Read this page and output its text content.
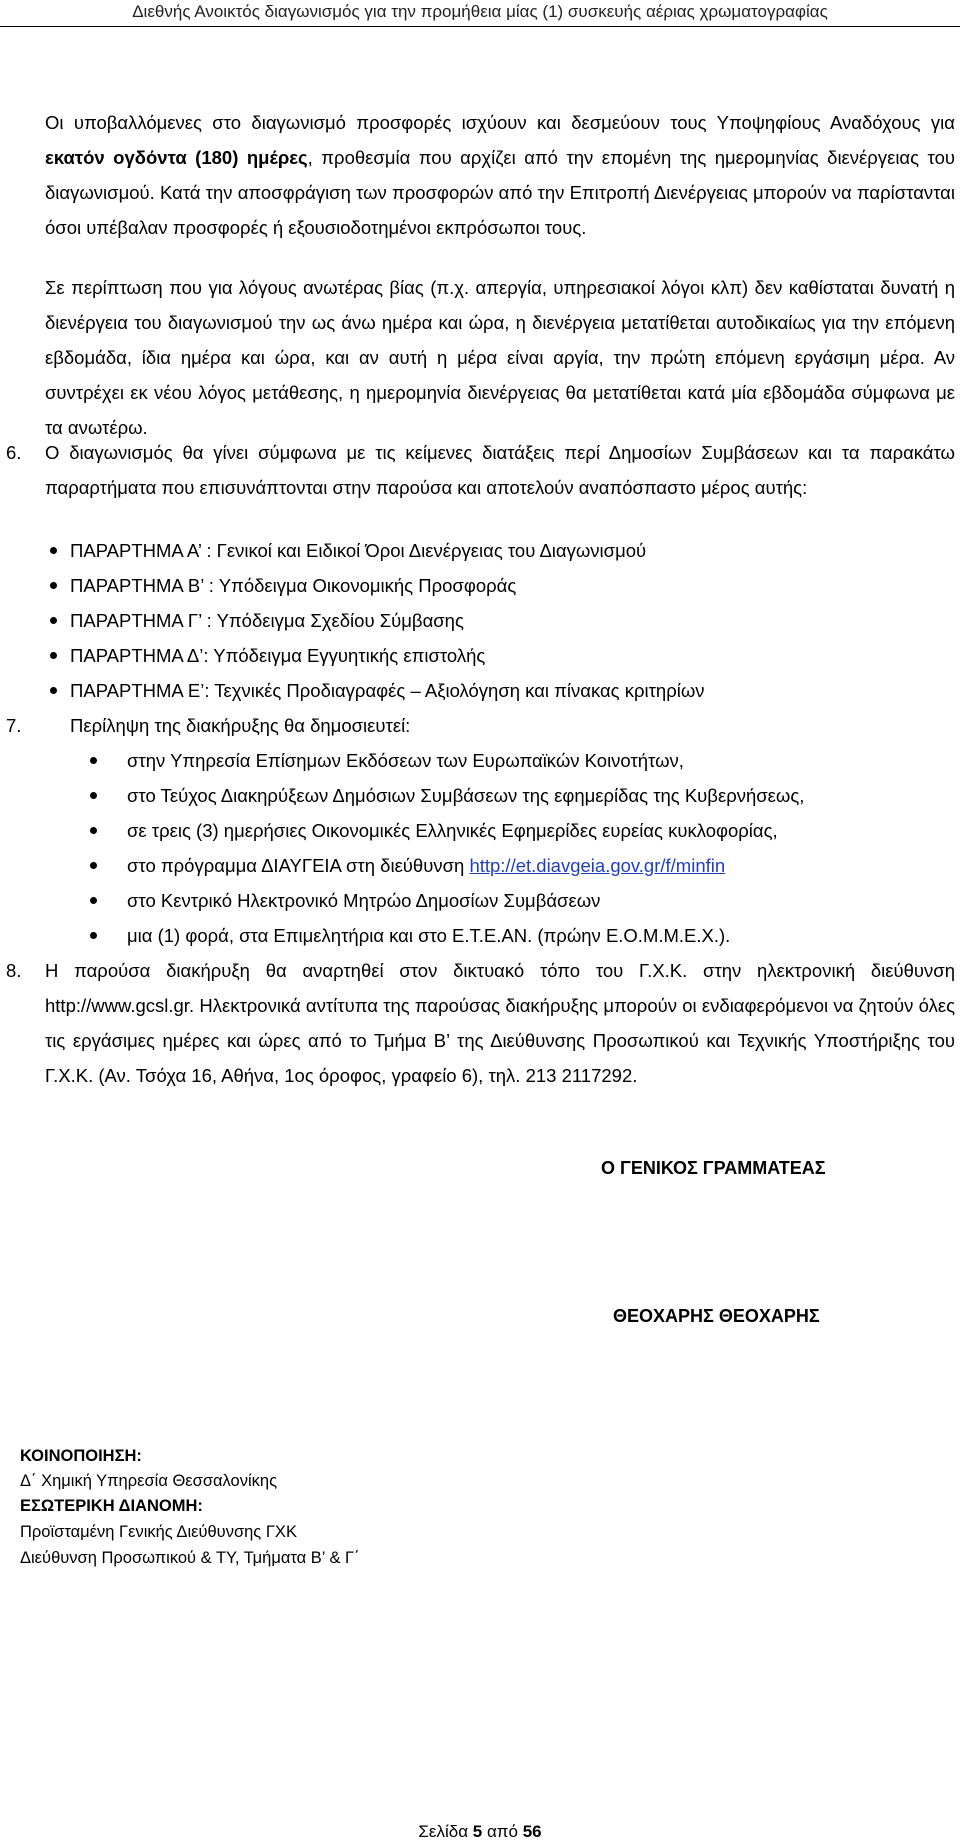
Διεθνής Ανοικτός διαγωνισμός για την προμήθεια μίας (1) συσκευής αέριας χρωματογραφίας

Οι υποβαλλόμενες στο διαγωνισμό προσφορές ισχύουν και δεσμεύουν τους Υποψηφίους Αναδόχους για εκατόν ογδόντα (180) ημέρες, προθεσμία που αρχίζει από την επομένη της ημερομηνίας διενέργειας του διαγωνισμού. Κατά την αποσφράγιση των προσφορών από την Επιτροπή Διενέργειας μπορούν να παρίστανται όσοι υπέβαλαν προσφορές ή εξουσιοδοτημένοι εκπρόσωποι τους.

Σε περίπτωση που για λόγους ανωτέρας βίας (π.χ. απεργία, υπηρεσιακοί λόγοι κλπ) δεν καθίσταται δυνατή η διενέργεια του διαγωνισμού την ως άνω ημέρα και ώρα, η διενέργεια μετατίθεται αυτοδικαίως για την επόμενη εβδομάδα, ίδια ημέρα και ώρα, και αν αυτή η μέρα είναι αργία, την πρώτη επόμενη εργάσιμη μέρα. Αν συντρέχει εκ νέου λόγος μετάθεσης, η ημερομηνία διενέργειας θα μετατίθεται κατά μία εβδομάδα σύμφωνα με τα ανωτέρω.

6. Ο διαγωνισμός θα γίνει σύμφωνα με τις κείμενες διατάξεις περί Δημοσίων Συμβάσεων και τα παρακάτω παραρτήματα που επισυνάπτονται στην παρούσα και αποτελούν αναπόσπαστο μέρος αυτής:

ΠΑΡΑΡΤΗΜΑ Α’ : Γενικοί και Ειδικοί Όροι Διενέργειας του Διαγωνισμού
ΠΑΡΑΡΤΗΜΑ Β’ : Υπόδειγμα Οικονομικής Προσφοράς
ΠΑΡΑΡΤΗΜΑ Γ’ : Υπόδειγμα Σχεδίου Σύμβασης
ΠΑΡΑΡΤΗΜΑ Δ’: Υπόδειγμα Εγγυητικής επιστολής
ΠΑΡΑΡΤΗΜΑ Ε’: Τεχνικές Προδιαγραφές – Αξιολόγηση και πίνακας κριτηρίων
7.	Περίληψη της διακήρυξης θα δημοσιευτεί:
στην Υπηρεσία Επίσημων Εκδόσεων των Ευρωπαϊκών Κοινοτήτων,
στο Τεύχος Διακηρύξεων Δημόσιων Συμβάσεων της εφημερίδας της Κυβερνήσεως,
σε τρεις (3) ημερήσιες Οικονομικές Ελληνικές Εφημερίδες ευρείας κυκλοφορίας,
στο πρόγραμμα ΔΙΑΥΓΕΙΑ στη διεύθυνση http://et.diavgeia.gov.gr/f/minfin
στο Κεντρικό Ηλεκτρονικό Μητρώο Δημοσίων Συμβάσεων
μια (1) φορά, στα Επιμελητήρια και στο Ε.Τ.Ε.ΑΝ. (πρώην Ε.Ο.Μ.Μ.Ε.Χ.).
8. Η παρούσα διακήρυξη θα αναρτηθεί στον δικτυακό τόπο του Γ.Χ.Κ. στην ηλεκτρονική διεύθυνση http://www.gcsl.gr. Ηλεκτρονικά αντίτυπα της παρούσας διακήρυξης μπορούν οι ενδιαφερόμενοι να ζητούν όλες τις εργάσιμες ημέρες και ώρες από το Τμήμα Β’ της Διεύθυνσης Προσωπικού και Τεχνικής Υποστήριξης του Γ.Χ.Κ. (Αν. Τσόχα 16, Αθήνα, 1ος όροφος, γραφείο 6), τηλ. 213 2117292.

Ο ΓΕΝΙΚΟΣ ΓΡΑΜΜΑΤΕΑΣ
ΘΕΟΧΑΡΗΣ ΘΕΟΧΑΡΗΣ
ΚΟΙΝΟΠΟΙΗΣΗ:
Δ΄ Χημική Υπηρεσία Θεσσαλονίκης
ΕΣΩΤΕΡΙΚΗ ΔΙΑΝΟΜΗ:
Προϊσταμένη Γενικής Διεύθυνσης ΓΧΚ
Διεύθυνση Προσωπικού & ΤΥ, Τμήματα Β’ & Γ΄
Σελίδα 5 από 56
